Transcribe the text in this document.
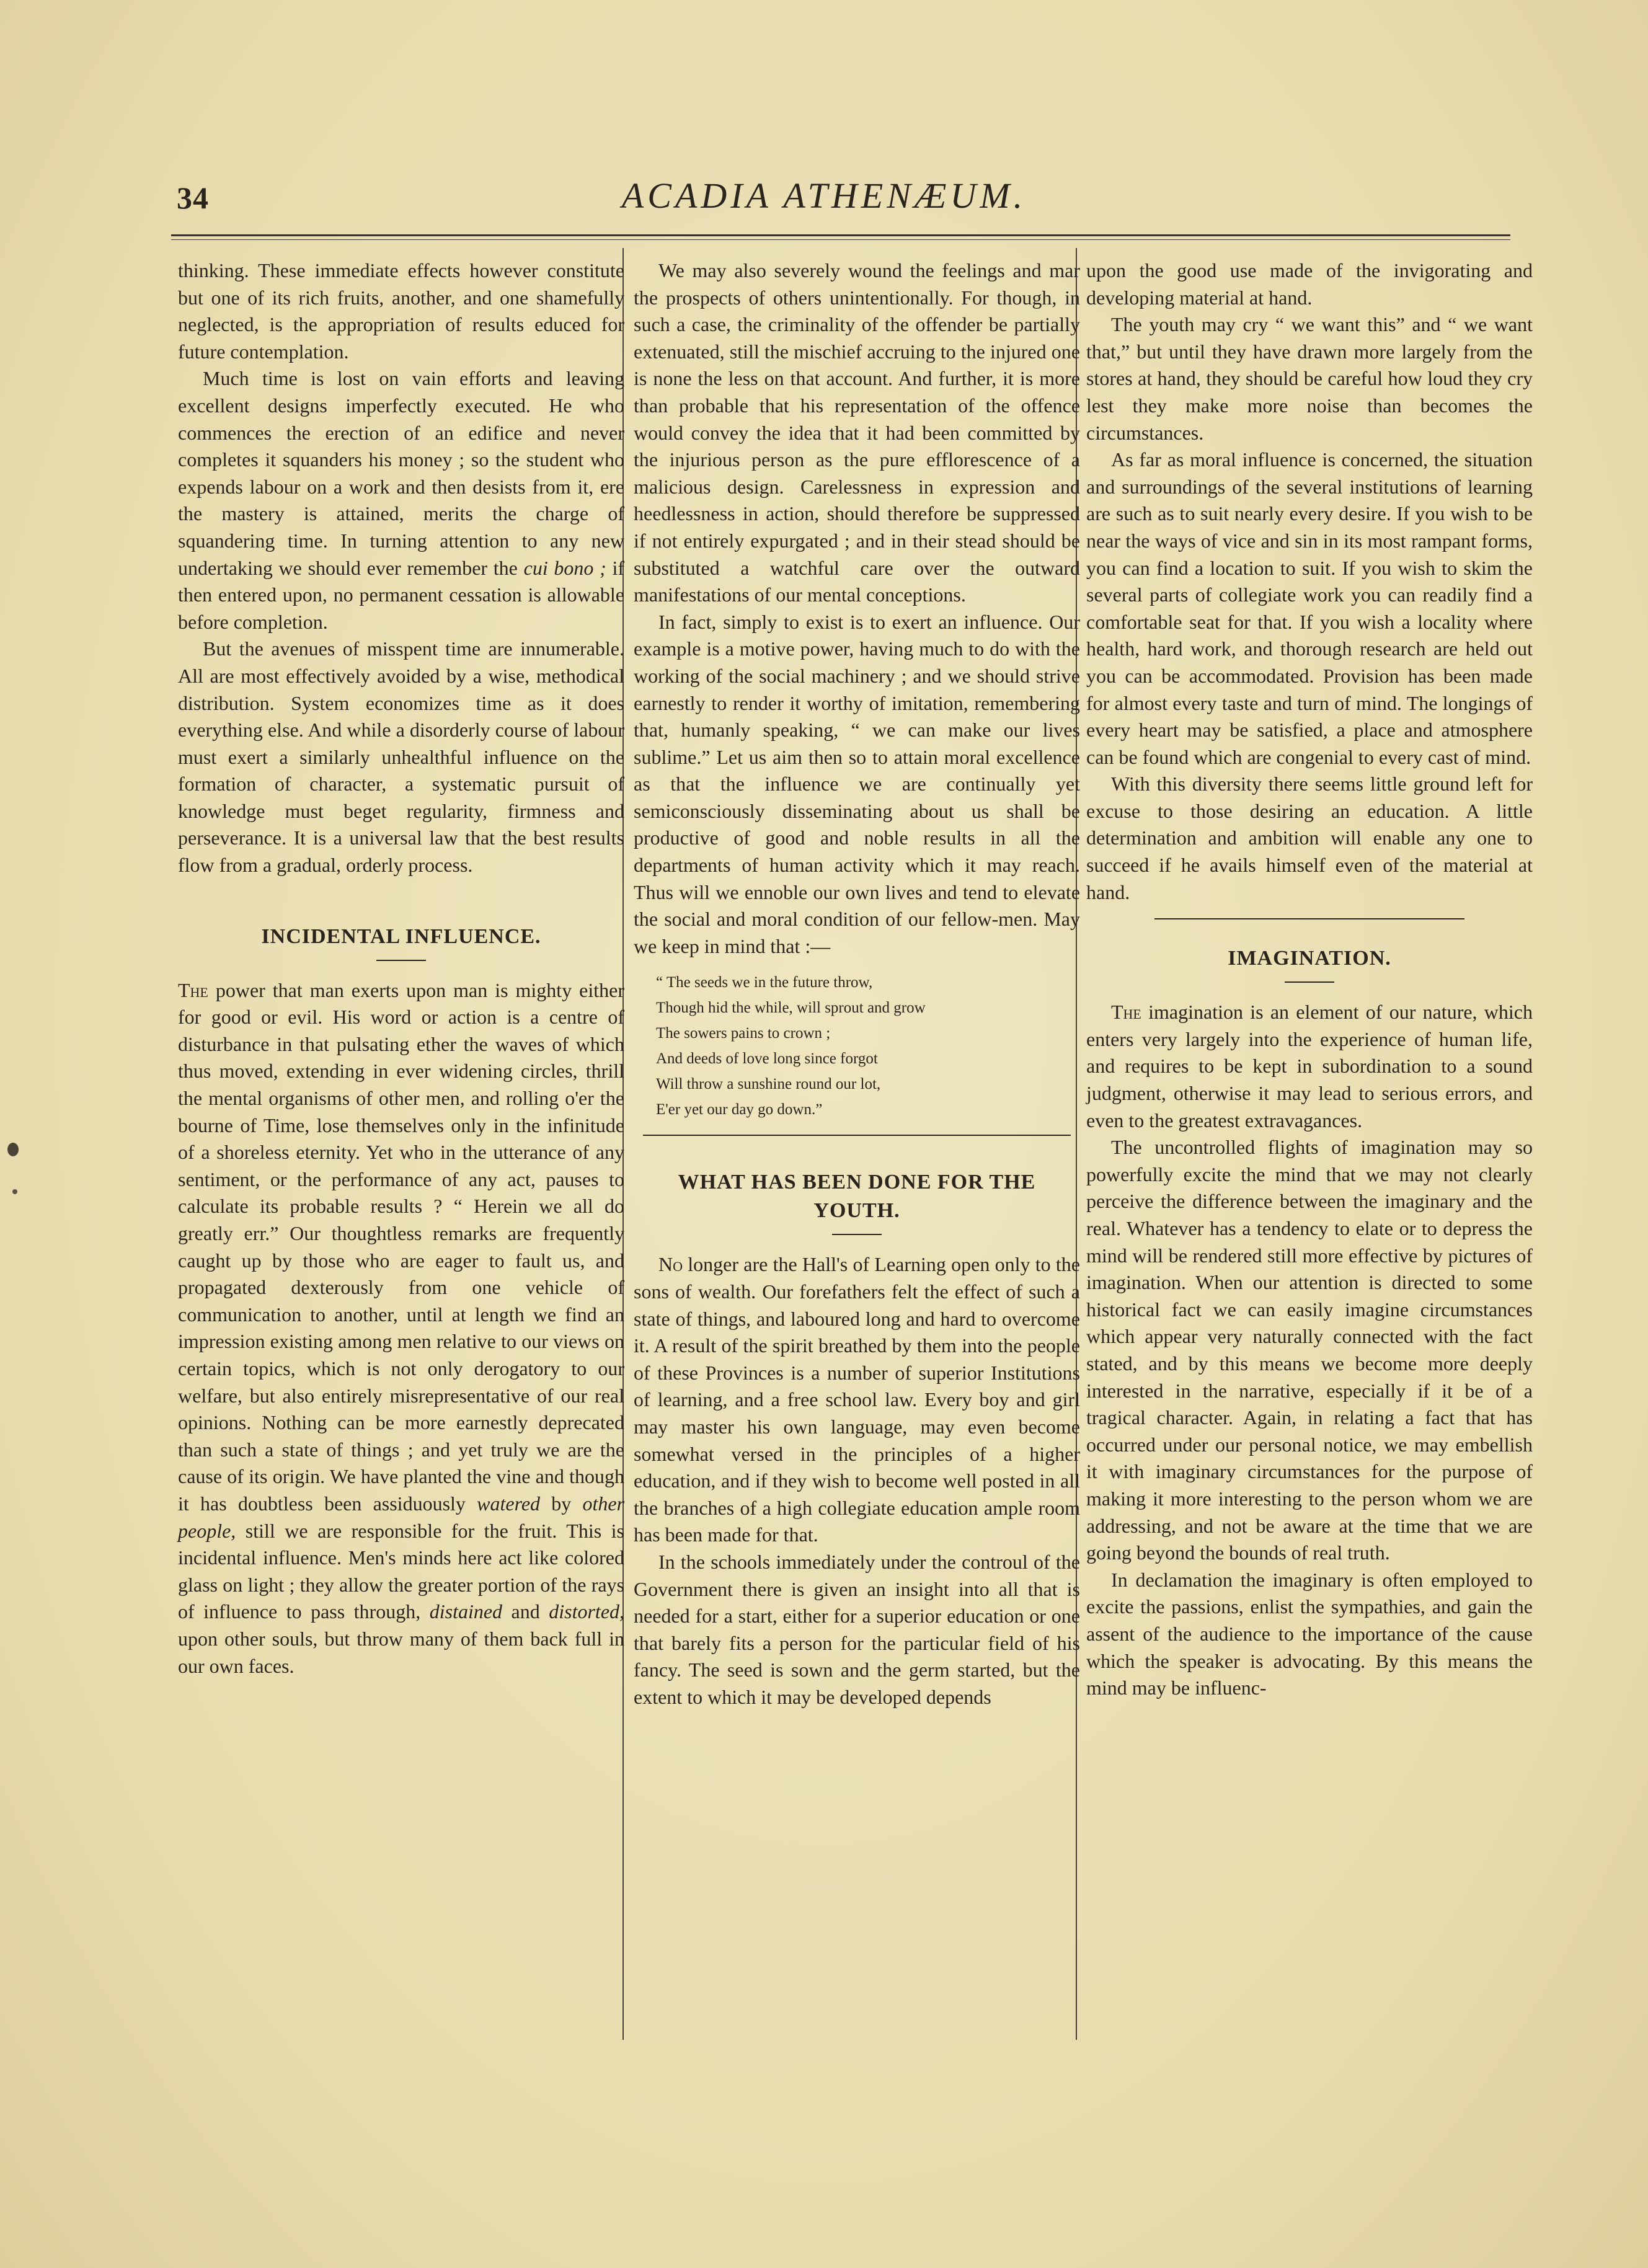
34	ACADIA ATHENÆUM.

thinking. These immediate effects however constitute but one of its rich fruits, another, and one shamefully neglected, is the appropriation of results educed for future contemplation.

Much time is lost on vain efforts and leaving excellent designs imperfectly executed. He who commences the erection of an edifice and never completes it squanders his money ; so the student who expends labour on a work and then desists from it, ere the mastery is attained, merits the charge of squandering time. In turning attention to any new undertaking we should ever remember the cui bono ; if then entered upon, no permanent cessation is allowable before completion.

But the avenues of misspent time are innumerable. All are most effectively avoided by a wise, methodical distribution. System economizes time as it does everything else. And while a disorderly course of labour must exert a similarly unhealthful influence on the formation of character, a systematic pursuit of knowledge must beget regularity, firmness and perseverance. It is a universal law that the best results flow from a gradual, orderly process.

INCIDENTAL INFLUENCE.

The power that man exerts upon man is mighty either for good or evil. His word or action is a centre of disturbance in that pulsating ether the waves of which thus moved, extending in ever widening circles, thrill the mental organisms of other men, and rolling o'er the bourne of Time, lose themselves only in the infinitude of a shoreless eternity. Yet who in the utterance of any sentiment, or the performance of any act, pauses to calculate its probable results ? “ Herein we all do greatly err.” Our thoughtless remarks are frequently caught up by those who are eager to fault us, and propagated dexterously from one vehicle of communication to another, until at length we find an impression existing among men relative to our views on certain topics, which is not only derogatory to our welfare, but also entirely misrepresentative of our real opinions. Nothing can be more earnestly deprecated than such a state of things ; and yet truly we are the cause of its origin. We have planted the vine and though it has doubtless been assiduously watered by other people, still we are responsible for the fruit. This is incidental influence. Men's minds here act like colored glass on light ; they allow the greater portion of the rays of influence to pass through, distained and distorted, upon other souls, but throw many of them back full in our own faces.

We may also severely wound the feelings and mar the prospects of others unintentionally. For though, in such a case, the criminality of the offender be partially extenuated, still the mischief accruing to the injured one is none the less on that account. And further, it is more than probable that his representation of the offence would convey the idea that it had been committed by the injurious person as the pure efflorescence of a malicious design. Carelessness in expression and heedlessness in action, should therefore be suppressed if not entirely expurgated ; and in their stead should be substituted a watchful care over the outward manifestations of our mental conceptions.

In fact, simply to exist is to exert an influence. Our example is a motive power, having much to do with the working of the social machinery ; and we should strive earnestly to render it worthy of imitation, remembering that, humanly speaking, “ we can make our lives sublime.” Let us aim then so to attain moral excellence as that the influence we are continually yet semiconsciously disseminating about us shall be productive of good and noble results in all the departments of human activity which it may reach. Thus will we ennoble our own lives and tend to elevate the social and moral condition of our fellow-men. May we keep in mind that :—

“ The seeds we in the future throw,
Though hid the while, will sprout and grow
The sowers pains to crown ;
And deeds of love long since forgot
Will throw a sunshine round our lot,
E'er yet our day go down.”
WHAT HAS BEEN DONE FOR THE YOUTH.

No longer are the Hall's of Learning open only to the sons of wealth. Our forefathers felt the effect of such a state of things, and laboured long and hard to overcome it. A result of the spirit breathed by them into the people of these Provinces is a number of superior Institutions of learning, and a free school law. Every boy and girl may master his own language, may even become somewhat versed in the principles of a higher education, and if they wish to become well posted in all the branches of a high collegiate education ample room has been made for that.

In the schools immediately under the controul of the Government there is given an insight into all that is needed for a start, either for a superior education or one that barely fits a person for the particular field of his fancy. The seed is sown and the germ started, but the extent to which it may be developed depends

upon the good use made of the invigorating and developing material at hand.

The youth may cry “ we want this” and “ we want that,” but until they have drawn more largely from the stores at hand, they should be careful how loud they cry lest they make more noise than becomes the circumstances.

As far as moral influence is concerned, the situation and surroundings of the several institutions of learning are such as to suit nearly every desire. If you wish to be near the ways of vice and sin in its most rampant forms, you can find a location to suit. If you wish to skim the several parts of collegiate work you can readily find a comfortable seat for that. If you wish a locality where health, hard work, and thorough research are held out you can be accommodated. Provision has been made for almost every taste and turn of mind. The longings of every heart may be satisfied, a place and atmosphere can be found which are congenial to every cast of mind.

With this diversity there seems little ground left for excuse to those desiring an education. A little determination and ambition will enable any one to succeed if he avails himself even of the material at hand.

IMAGINATION.

The imagination is an element of our nature, which enters very largely into the experience of human life, and requires to be kept in subordination to a sound judgment, otherwise it may lead to serious errors, and even to the greatest extravagances.

The uncontrolled flights of imagination may so powerfully excite the mind that we may not clearly perceive the difference between the imaginary and the real. Whatever has a tendency to elate or to depress the mind will be rendered still more effective by pictures of imagination. When our attention is directed to some historical fact we can easily imagine circumstances which appear very naturally connected with the fact stated, and by this means we become more deeply interested in the narrative, especially if it be of a tragical character. Again, in relating a fact that has occurred under our personal notice, we may embellish it with imaginary circumstances for the purpose of making it more interesting to the person whom we are addressing, and not be aware at the time that we are going beyond the bounds of real truth.

In declamation the imaginary is often employed to excite the passions, enlist the sympathies, and gain the assent of the audience to the importance of the cause which the speaker is advocating. By this means the mind may be influenc-
